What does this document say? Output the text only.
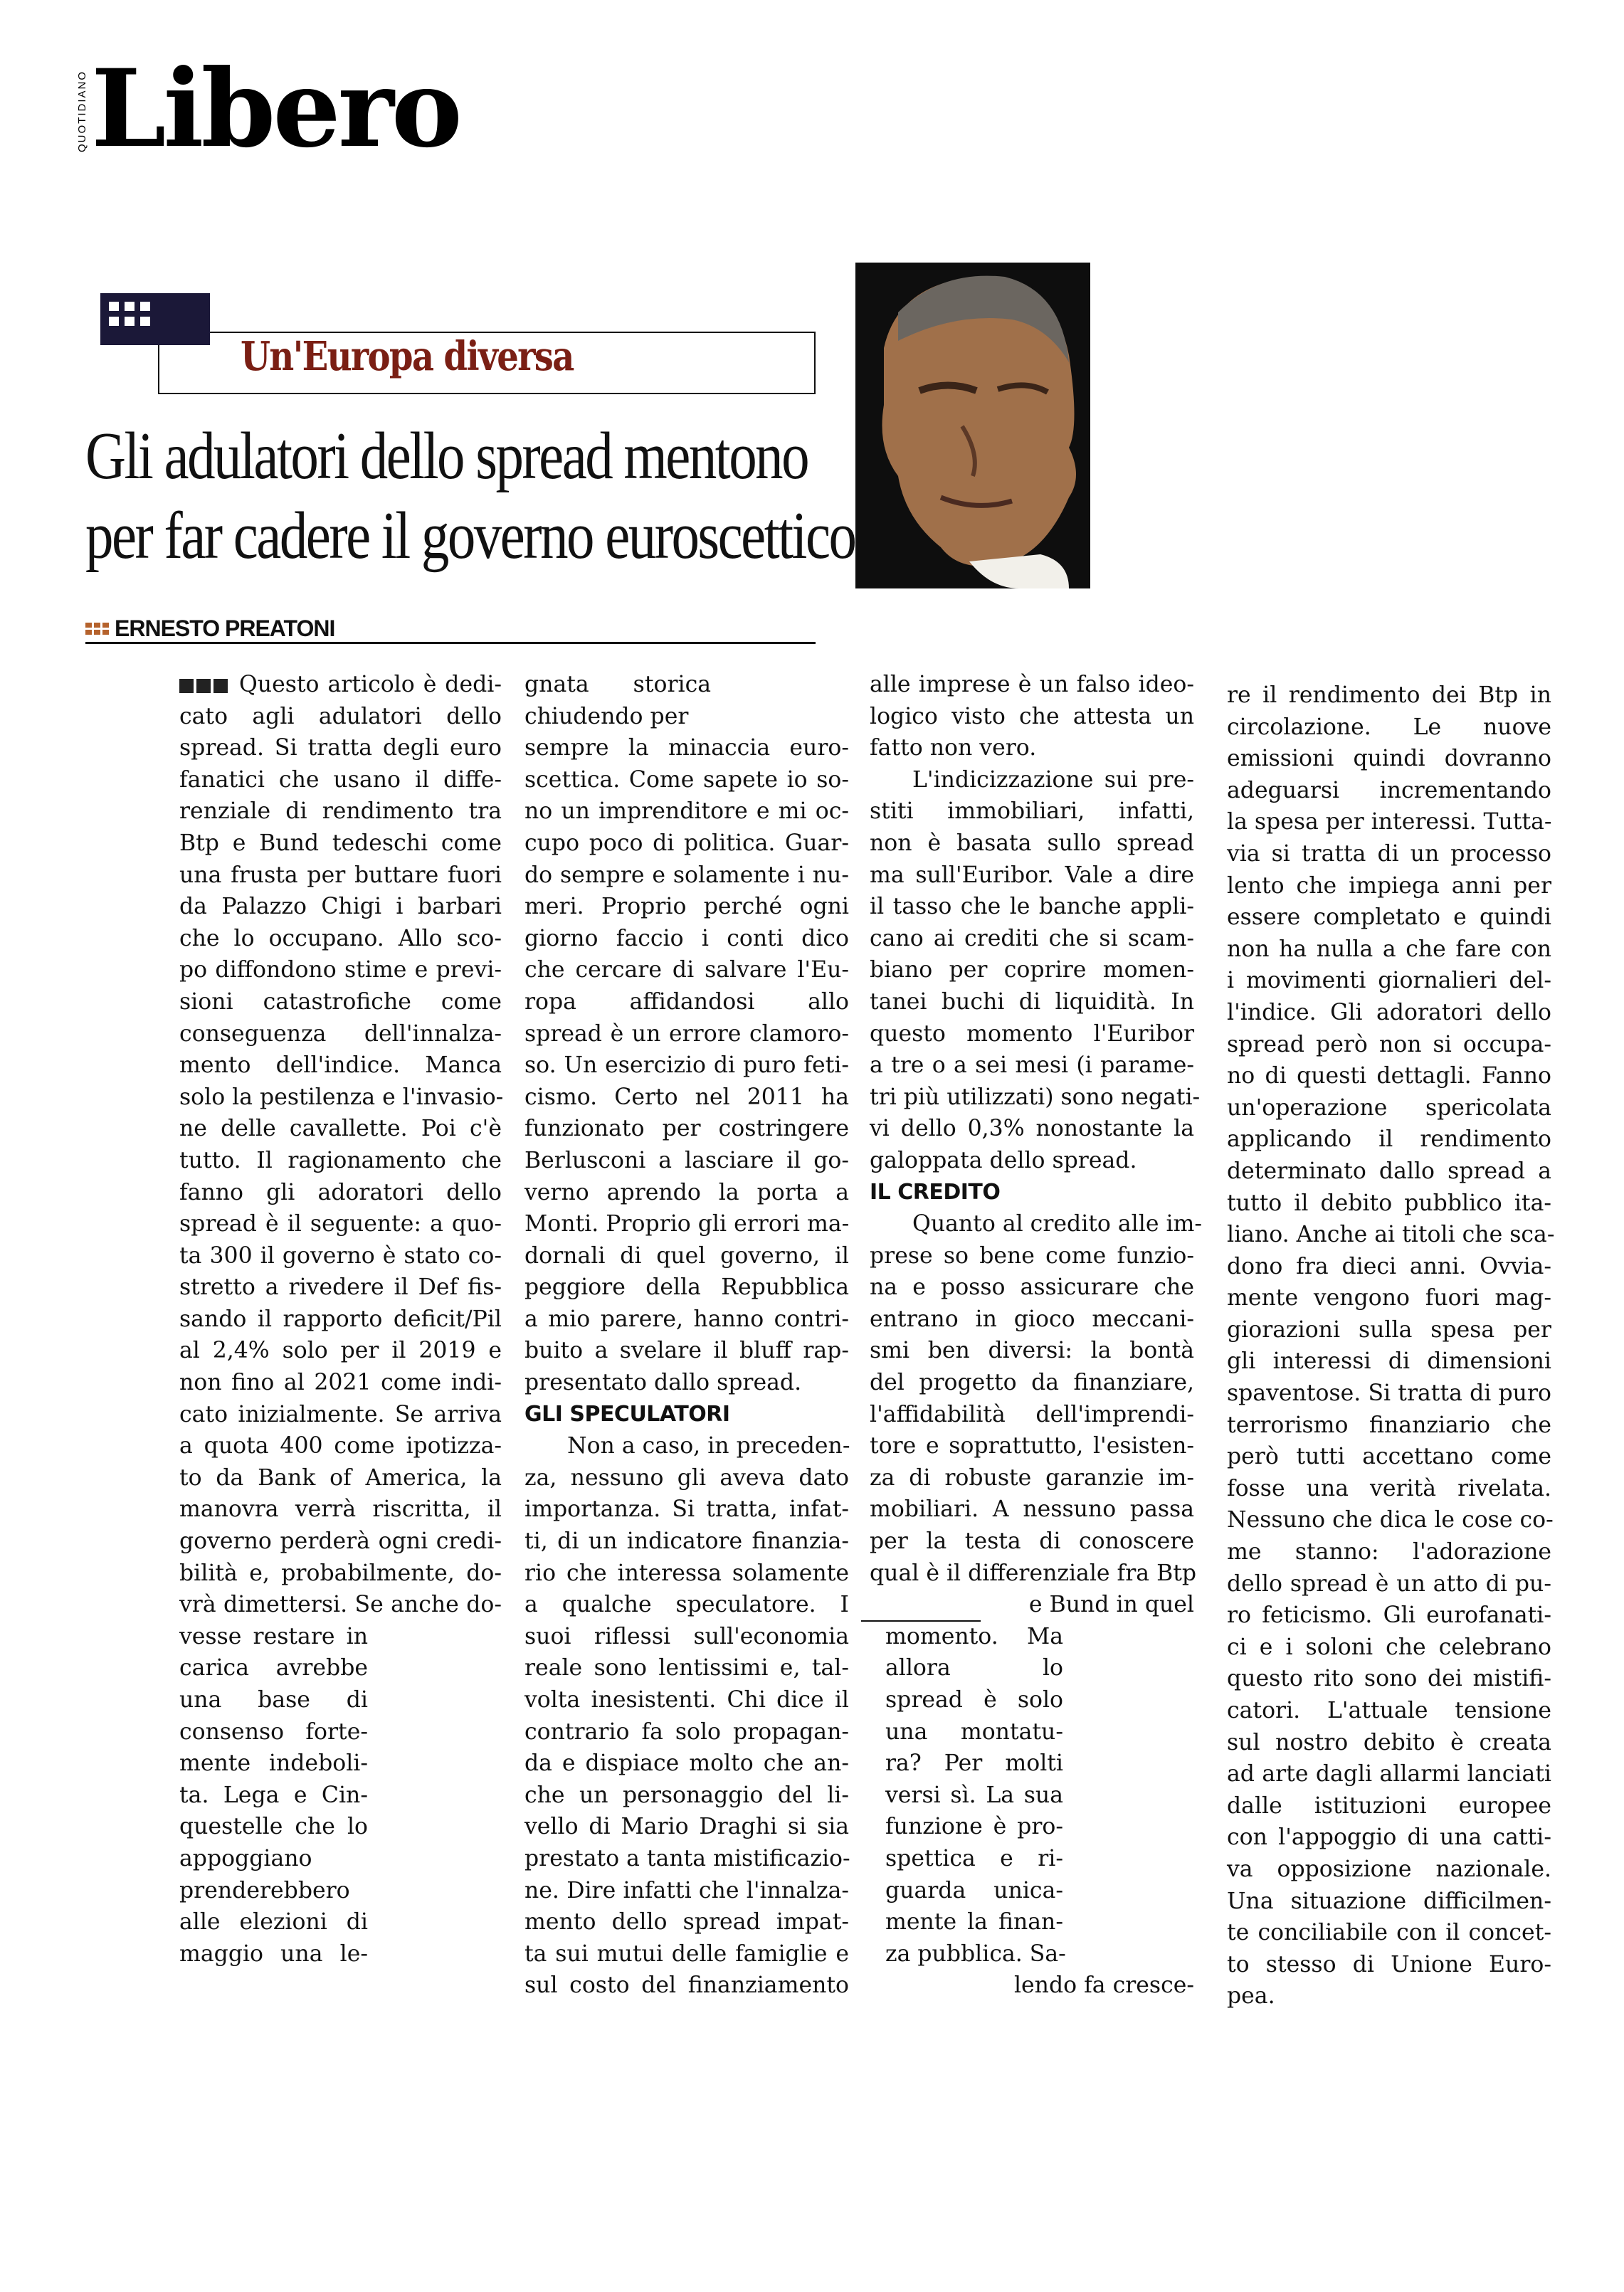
QUOTIDIANO Libero
Un'Europa diversa
Gli adulatori dello spread mentono
per far cadere il governo euroscettico
ERNESTO PREATONI
Questo articolo è dedi-
cato agli adulatori dello
spread. Si tratta degli euro
fanatici che usano il diffe-
renziale di rendimento tra
Btp e Bund tedeschi come
una frusta per buttare fuori
da Palazzo Chigi i barbari
che lo occupano. Allo sco-
po diffondono stime e previ-
sioni catastrofiche come
conseguenza dell'innalza-
mento dell'indice. Manca
solo la pestilenza e l'invasio-
ne delle cavallette. Poi c'è
tutto. Il ragionamento che
fanno gli adoratori dello
spread è il seguente: a quo-
ta 300 il governo è stato co-
stretto a rivedere il Def fis-
sando il rapporto deficit/Pil
al 2,4% solo per il 2019 e
non fino al 2021 come indi-
cato inizialmente. Se arriva
a quota 400 come ipotizza-
to da Bank of America, la
manovra verrà riscritta, il
governo perderà ogni credi-
bilità e, probabilmente, do-
vrà dimettersi. Se anche do-
vesse restare in
carica avrebbe
una base di
consenso forte-
mente indeboli-
ta. Lega e Cin-
questelle che lo
appoggiano
prenderebbero
alle elezioni di
maggio una le-
gnata storica
chiudendo per
sempre la minaccia euro-
scettica. Come sapete io so-
no un imprenditore e mi oc-
cupo poco di politica. Guar-
do sempre e solamente i nu-
meri. Proprio perché ogni
giorno faccio i conti dico
che cercare di salvare l'Eu-
ropa affidandosi allo
spread è un errore clamoro-
so. Un esercizio di puro feti-
cismo. Certo nel 2011 ha
funzionato per costringere
Berlusconi a lasciare il go-
verno aprendo la porta a
Monti. Proprio gli errori ma-
dornali di quel governo, il
peggiore della Repubblica
a mio parere, hanno contri-
buito a svelare il bluff rap-
presentato dallo spread.
GLI SPECULATORI
Non a caso, in preceden-
za, nessuno gli aveva dato
importanza. Si tratta, infat-
ti, di un indicatore finanzia-
rio che interessa solamente
a qualche speculatore. I
suoi riflessi sull'economia
reale sono lentissimi e, tal-
volta inesistenti. Chi dice il
contrario fa solo propagan-
da e dispiace molto che an-
che un personaggio del li-
vello di Mario Draghi si sia
prestato a tanta mistificazio-
ne. Dire infatti che l'innalza-
mento dello spread impat-
ta sui mutui delle famiglie e
sul costo del finanziamento
alle imprese è un falso ideo-
logico visto che attesta un
fatto non vero.
L'indicizzazione sui pre-
stiti immobiliari, infatti,
non è basata sullo spread
ma sull'Euribor. Vale a dire
il tasso che le banche appli-
cano ai crediti che si scam-
biano per coprire momen-
tanei buchi di liquidità. In
questo momento l'Euribor
a tre o a sei mesi (i parame-
tri più utilizzati) sono negati-
vi dello 0,3% nonostante la
galoppata dello spread.
IL CREDITO
Quanto al credito alle im-
prese so bene come funzio-
na e posso assicurare che
entrano in gioco meccani-
smi ben diversi: la bontà
del progetto da finanziare,
l'affidabilità dell'imprendi-
tore e soprattutto, l'esisten-
za di robuste garanzie im-
mobiliari. A nessuno passa
per la testa di conoscere
qual è il differenziale fra Btp
e Bund in quel
momento. Ma
allora lo
spread è solo
una montatu-
ra? Per molti
versi sì. La sua
funzione è pro-
spettica e ri-
guarda unica-
mente la finan-
za pubblica. Sa-
lendo fa cresce-
re il rendimento dei Btp in
circolazione. Le nuove
emissioni quindi dovranno
adeguarsi incrementando
la spesa per interessi. Tutta-
via si tratta di un processo
lento che impiega anni per
essere completato e quindi
non ha nulla a che fare con
i movimenti giornalieri del-
l'indice. Gli adoratori dello
spread però non si occupa-
no di questi dettagli. Fanno
un'operazione spericolata
applicando il rendimento
determinato dallo spread a
tutto il debito pubblico ita-
liano. Anche ai titoli che sca-
dono fra dieci anni. Ovvia-
mente vengono fuori mag-
giorazioni sulla spesa per
gli interessi di dimensioni
spaventose. Si tratta di puro
terrorismo finanziario che
però tutti accettano come
fosse una verità rivelata.
Nessuno che dica le cose co-
me stanno: l'adorazione
dello spread è un atto di pu-
ro feticismo. Gli eurofanati-
ci e i soloni che celebrano
questo rito sono dei mistifi-
catori. L'attuale tensione
sul nostro debito è creata
ad arte dagli allarmi lanciati
dalle istituzioni europee
con l'appoggio di una catti-
va opposizione nazionale.
Una situazione difficilmen-
te conciliabile con il concet-
to stesso di Unione Euro-
pea.
